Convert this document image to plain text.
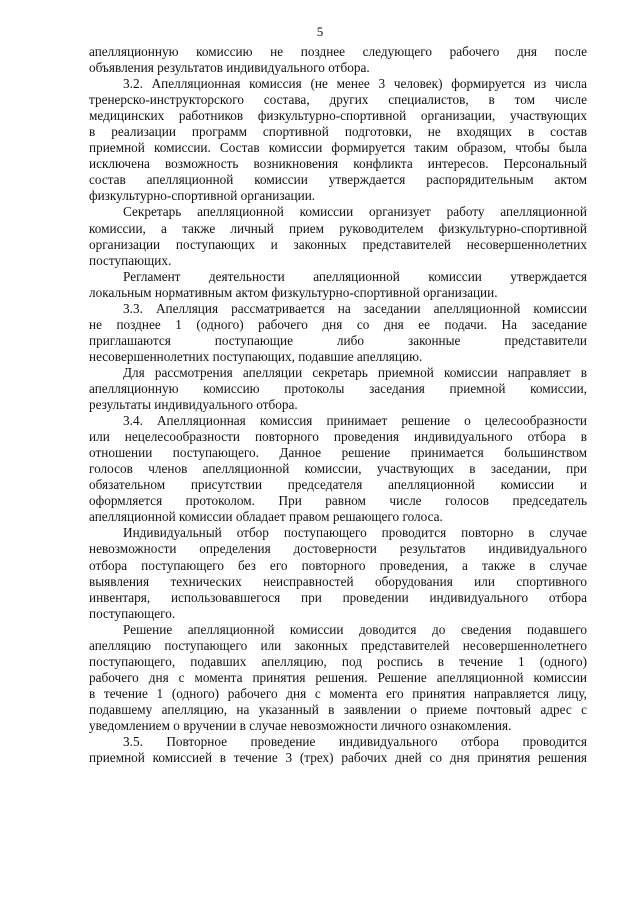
5
апелляционную комиссию не позднее следующего рабочего дня после
объявления результатов индивидуального отбора.
3.2. Апелляционная комиссия (не менее 3 человек) формируется из числа
тренерско-инструкторского состава, других специалистов, в том числе
медицинских работников физкультурно-спортивной организации, участвующих
в реализации программ спортивной подготовки, не входящих в состав
приемной комиссии. Состав комиссии формируется таким образом, чтобы была
исключена возможность возникновения конфликта интересов. Персональный
состав апелляционной комиссии утверждается распорядительным актом
физкультурно-спортивной организации.
Секретарь апелляционной комиссии организует работу апелляционной
комиссии, а также личный прием руководителем физкультурно-спортивной
организации поступающих и законных представителей несовершеннолетних
поступающих.
Регламент деятельности апелляционной комиссии утверждается
локальным нормативным актом физкультурно-спортивной организации.
3.3. Апелляция рассматривается на заседании апелляционной комиссии
не позднее 1 (одного) рабочего дня со дня ее подачи. На заседание
приглашаются поступающие либо законные представители
несовершеннолетних поступающих, подавшие апелляцию.
Для рассмотрения апелляции секретарь приемной комиссии направляет в
апелляционную комиссию протоколы заседания приемной комиссии,
результаты индивидуального отбора.
3.4. Апелляционная комиссия принимает решение о целесообразности
или нецелесообразности повторного проведения индивидуального отбора в
отношении поступающего. Данное решение принимается большинством
голосов членов апелляционной комиссии, участвующих в заседании, при
обязательном присутствии председателя апелляционной комиссии и
оформляется протоколом. При равном числе голосов председатель
апелляционной комиссии обладает правом решающего голоса.
Индивидуальный отбор поступающего проводится повторно в случае
невозможности определения достоверности результатов индивидуального
отбора поступающего без его повторного проведения, а также в случае
выявления технических неисправностей оборудования или спортивного
инвентаря, использовавшегося при проведении индивидуального отбора
поступающего.
Решение апелляционной комиссии доводится до сведения подавшего
апелляцию поступающего или законных представителей несовершеннолетнего
поступающего, подавших апелляцию, под роспись в течение 1 (одного)
рабочего дня с момента принятия решения. Решение апелляционной комиссии
в течение 1 (одного) рабочего дня с момента его принятия направляется лицу,
подавшему апелляцию, на указанный в заявлении о приеме почтовый адрес с
уведомлением о вручении в случае невозможности личного ознакомления.
3.5. Повторное проведение индивидуального отбора проводится
приемной комиссией в течение 3 (трех) рабочих дней со дня принятия решения
